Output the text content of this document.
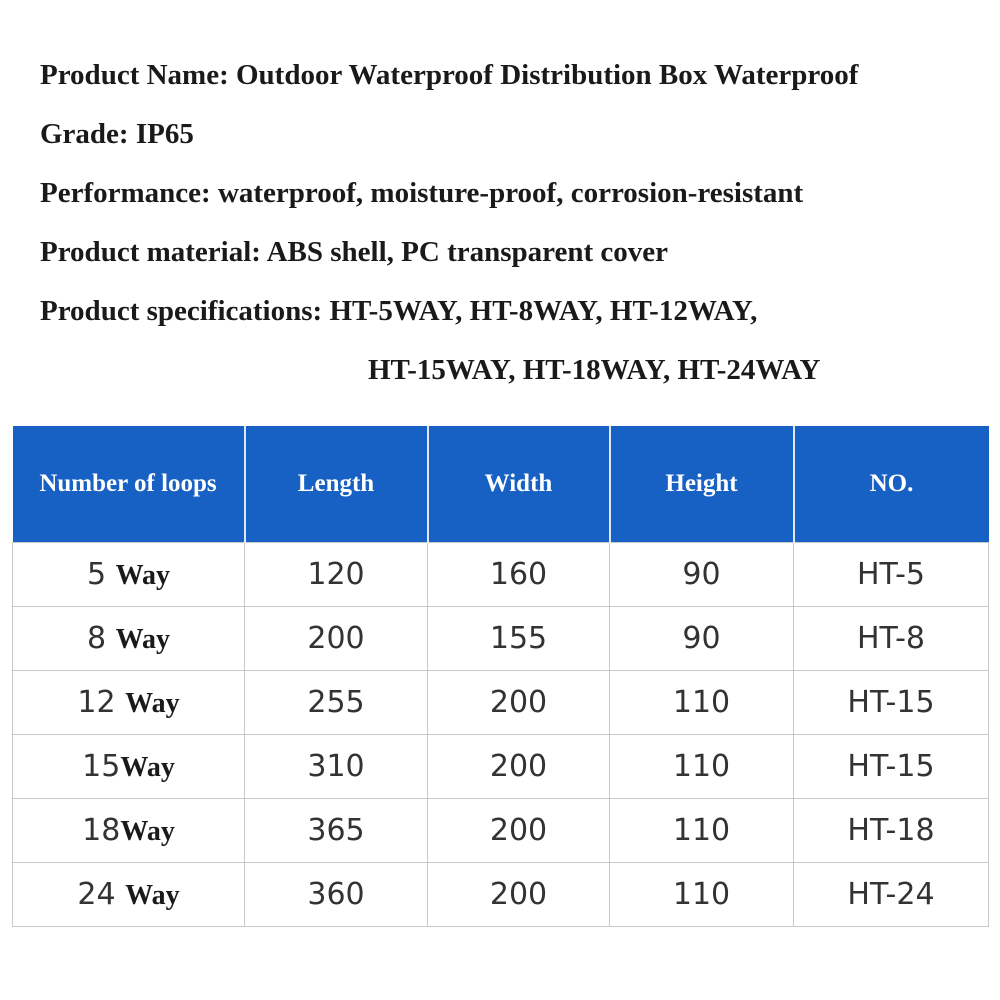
Product Name: Outdoor Waterproof Distribution Box Waterproof
Grade: IP65
Performance: waterproof, moisture-proof, corrosion-resistant
Product material: ABS shell, PC transparent cover
Product specifications: HT-5WAY, HT-8WAY, HT-12WAY,
HT-15WAY, HT-18WAY, HT-24WAY
Number of loops	Length	Width	Height	NO.
5 Way	120	160	90	HT-5
8 Way	200	155	90	HT-8
12 Way	255	200	110	HT-15
15Way	310	200	110	HT-15
18Way	365	200	110	HT-18
24 Way	360	200	110	HT-24
